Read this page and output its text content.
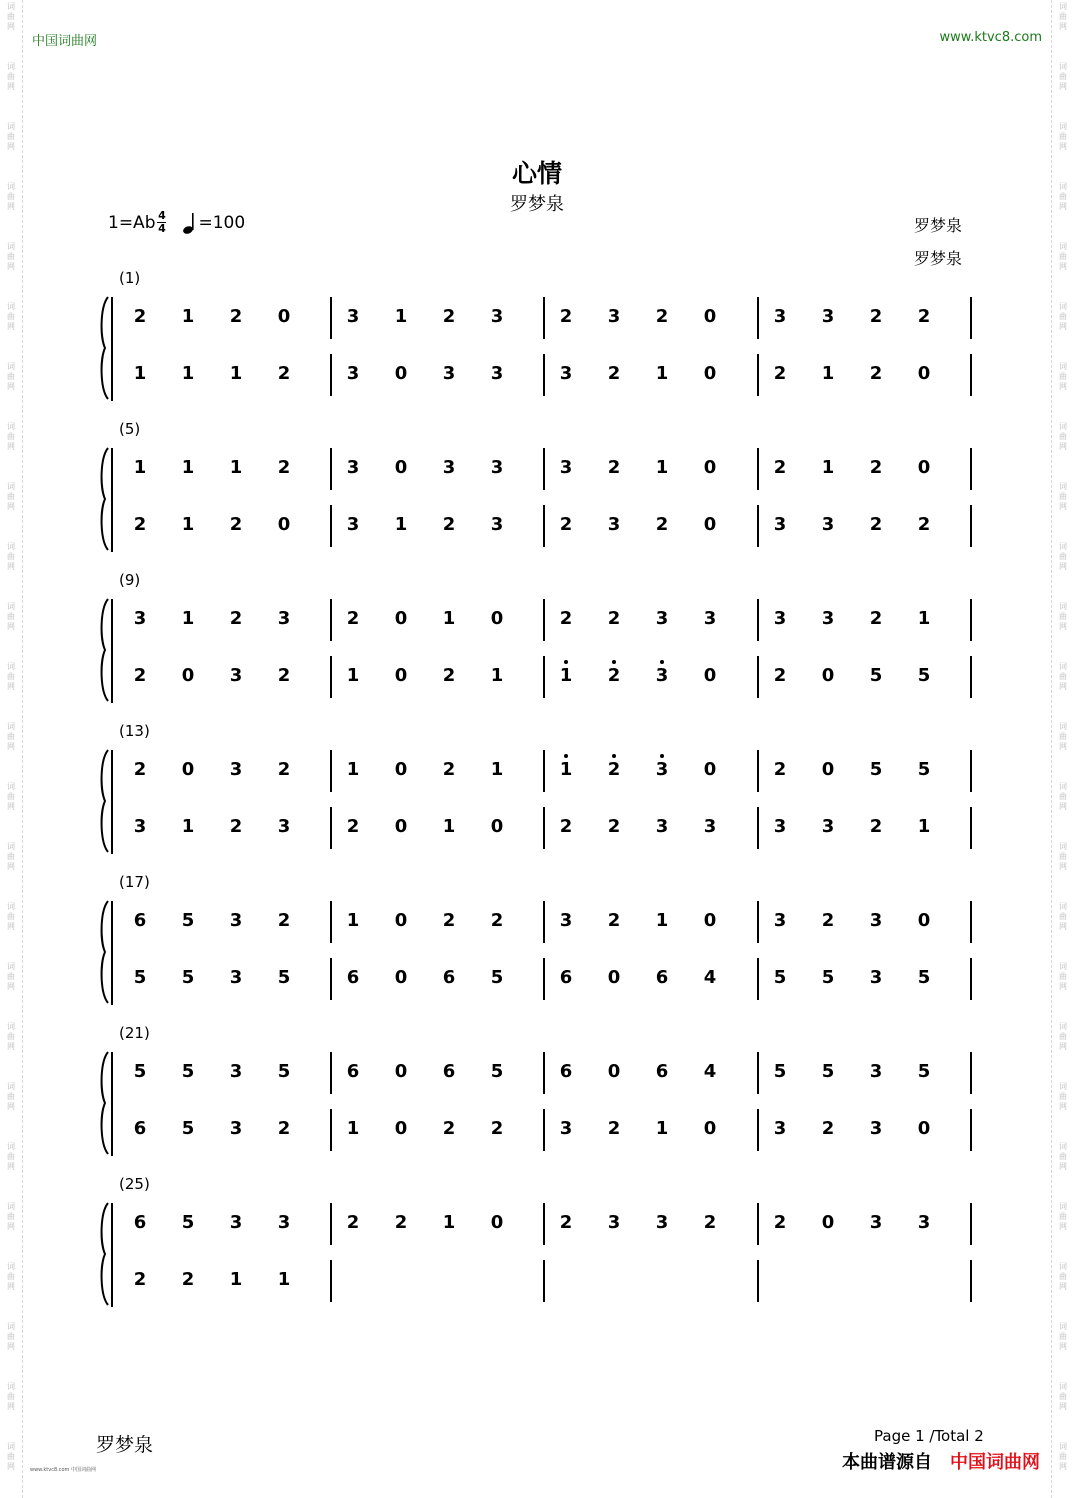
词
曲
网
词
曲
网
词
曲
网
词
曲
网
词
曲
网
词
曲
网
词
曲
网
词
曲
网
词
曲
网
词
曲
网
词
曲
网
词
曲
网
词
曲
网
词
曲
网
词
曲
网
词
曲
网
词
曲
网
词
曲
网
词
曲
网
词
曲
网
词
曲
网
词
曲
网
词
曲
网
词
曲
网
词
曲
网
词
曲
网
词
曲
网
词
曲
网
词
曲
网
词
曲
网
词
曲
网
词
曲
网
词
曲
网
词
曲
网
词
曲
网
词
曲
网
词
曲
网
词
曲
网
词
曲
网
词
曲
网
词
曲
网
词
曲
网
词
曲
网
词
曲
网
词
曲
网
词
曲
网
词
曲
网
词
曲
网
词
曲
网
词
曲
网
中国词曲网	www.ktvc8.com
心情
罗梦泉
$1=Ab \frac{4}{4} =100$	罗梦泉
罗梦泉
(1)
2	1	2	0	3	1	2	3	2	3	2	0	3	3	2	2
1	1	1	2	3	0	3	3	3	2	1	0	2	1	2	0
(5)
1	1	1	2	3	0	3	3	3	2	1	0	2	1	2	0
2	1	2	0	3	1	2	3	2	3	2	0	3	3	2	2
(9)
3	1	2	3	2	0	1	0	2	2	3	3	3	3	2	1
2	0	3	2	1	0	2	1	1	2	3	0	2	0	5	5
(13)
2	0	3	2	1	0	2	1	1	2	3	0	2	0	5	5
3	1	2	3	2	0	1	0	2	2	3	3	3	3	2	1
(17)
6	5	3	2	1	0	2	2	3	2	1	0	3	2	3	0
5	5	3	5	6	0	6	5	6	0	6	4	5	5	3	5
(21)
5	5	3	5	6	0	6	5	6	0	6	4	5	5	3	5
6	5	3	2	1	0	2	2	3	2	1	0	3	2	3	0
(25)
6	5	3	3	2	2	1	0	2	3	3	2	2	0	3	3
2	2	1	1
罗梦泉	Page 1 /Total 2
本曲谱源自 中国词曲网
www.ktvc8.com 中国词曲网
